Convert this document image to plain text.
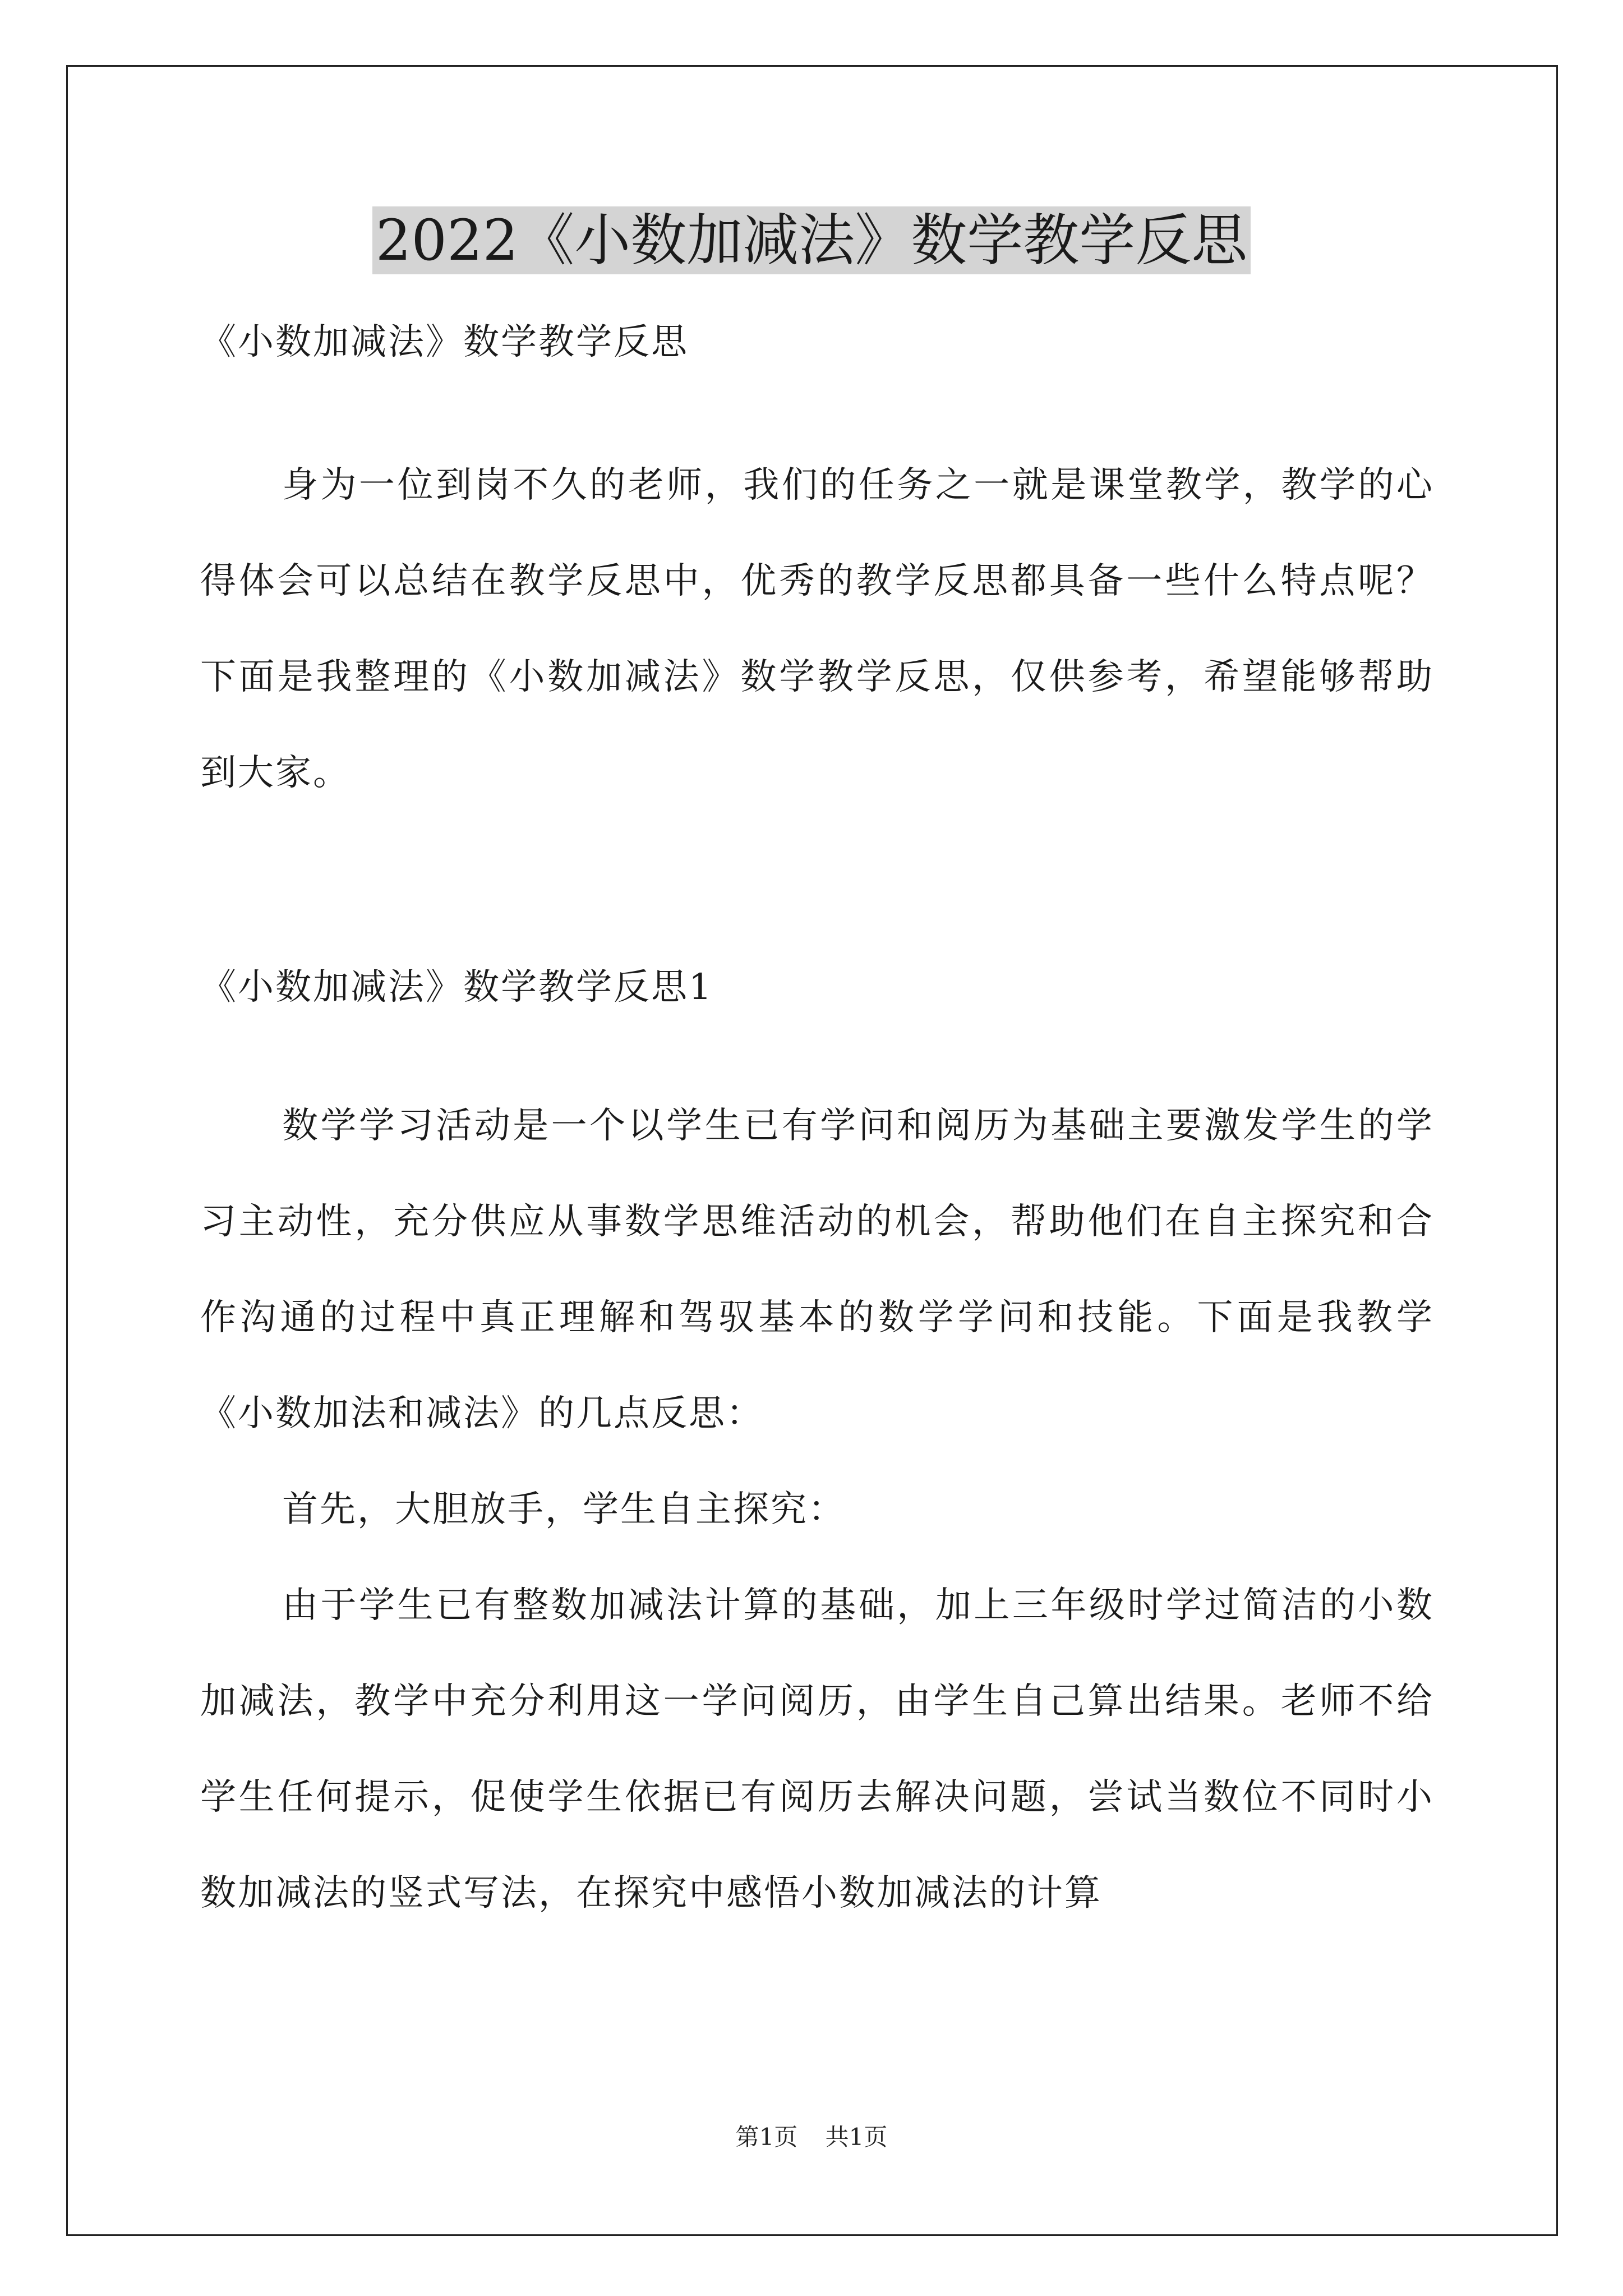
2022《小数加减法》数学教学反思
《小数加减法》数学教学反思

身为一位到岗不久的老师，我们的任务之一就是课堂教学，教学的心得体会可以总结在教学反思中，优秀的教学反思都具备一些什么特点呢？下面是我整理的《小数加减法》数学教学反思，仅供参考，希望能够帮助到大家。

《小数加减法》数学教学反思1

数学学习活动是一个以学生已有学问和阅历为基础主要激发学生的学习主动性，充分供应从事数学思维活动的机会，帮助他们在自主探究和合作沟通的过程中真正理解和驾驭基本的数学学问和技能。下面是我教学《小数加法和减法》的几点反思：

首先，大胆放手，学生自主探究：

由于学生已有整数加减法计算的基础，加上三年级时学过简洁的小数加减法，教学中充分利用这一学问阅历，由学生自己算出结果。老师不给学生任何提示，促使学生依据已有阅历去解决问题，尝试当数位不同时小数加减法的竖式写法，在探究中感悟小数加减法的计算

第1页 共1页
